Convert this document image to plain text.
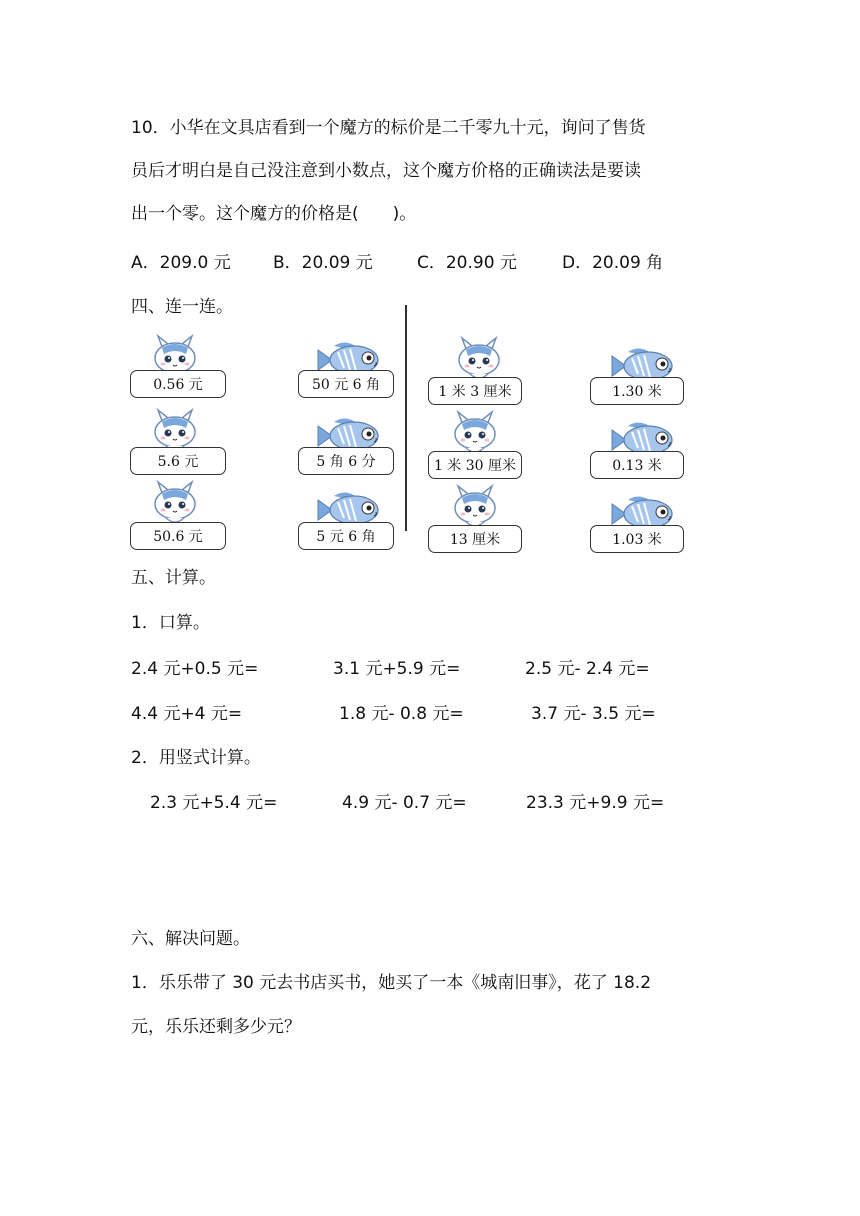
10．小华在文具店看到一个魔方的标价是二千零九十元，询问了售货
员后才明白是自己没注意到小数点，这个魔方价格的正确读法是要读
出一个零。这个魔方的价格是(　　)。
A．209.0 元 B．20.09 元	C．20.90 元	D．20.09 角
四、连一连。
0.56 元
5.6 元
50.6 元
50 元 6 角
5 角 6 分
5 元 6 角
1 米 3 厘米
1 米 30 厘米
13 厘米
1.30 米
0.13 米
1.03 米
五、计算。
1．口算。
2.4 元+0.5 元=	3.1 元+5.9 元=	2.5 元- 2.4 元=
4.4 元+4 元=	1.8 元- 0.8 元=	3.7 元- 3.5 元=
2．用竖式计算。
2.3 元+5.4 元=	4.9 元- 0.7 元=	23.3 元+9.9 元=
六、解决问题。
1．乐乐带了 30 元去书店买书，她买了一本《城南旧事》，花了 18.2
元，乐乐还剩多少元？
